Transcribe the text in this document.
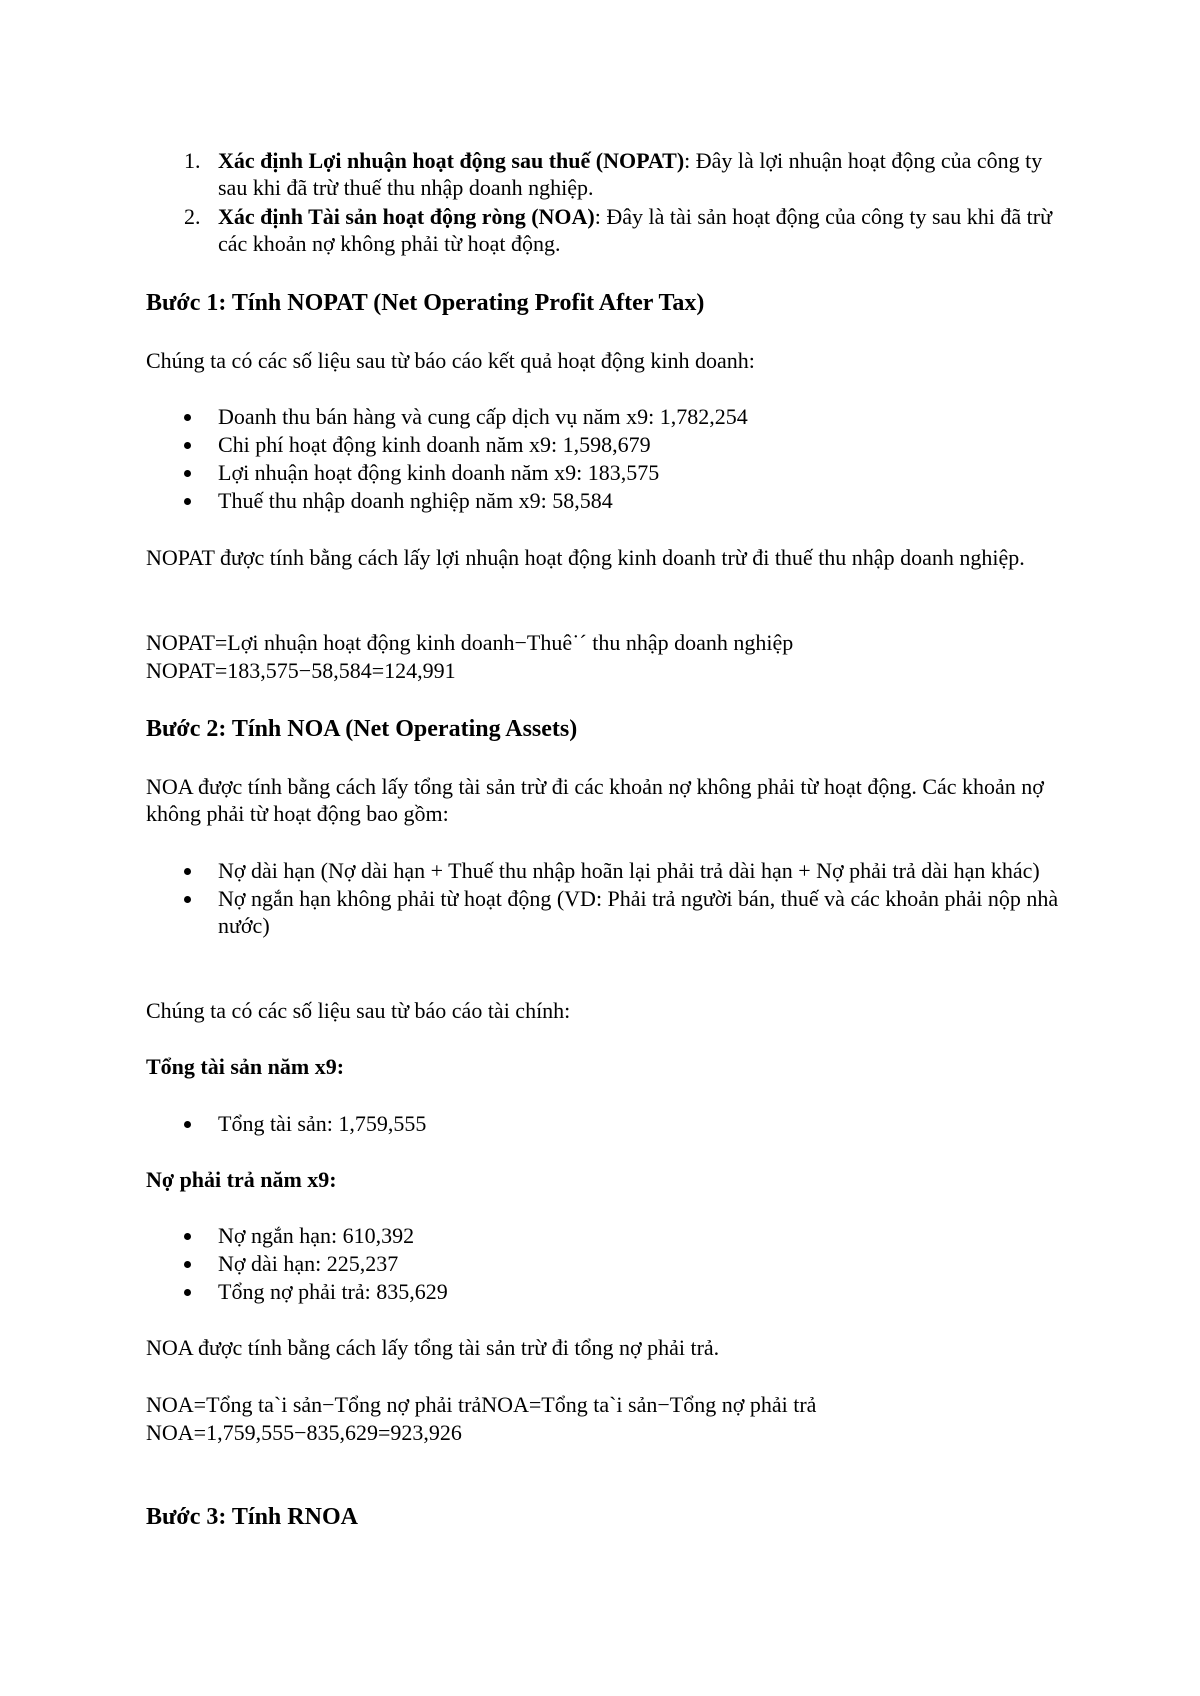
1. Xác định Lợi nhuận hoạt động sau thuế (NOPAT): Đây là lợi nhuận hoạt động của công ty sau khi đã trừ thuế thu nhập doanh nghiệp.
2. Xác định Tài sản hoạt động ròng (NOA): Đây là tài sản hoạt động của công ty sau khi đã trừ các khoản nợ không phải từ hoạt động.
Bước 1: Tính NOPAT (Net Operating Profit After Tax)

Chúng ta có các số liệu sau từ báo cáo kết quả hoạt động kinh doanh:

Doanh thu bán hàng và cung cấp dịch vụ năm x9: 1,782,254
Chi phí hoạt động kinh doanh năm x9: 1,598,679
Lợi nhuận hoạt động kinh doanh năm x9: 183,575
Thuế thu nhập doanh nghiệp năm x9: 58,584

NOPAT được tính bằng cách lấy lợi nhuận hoạt động kinh doanh trừ đi thuế thu nhập doanh nghiệp.

NOPAT=Lợi nhuận hoạt động kinh doanh−Thuê˙ˊ thu nhập doanh nghiệp

NOPAT=183,575−58,584=124,991

Bước 2: Tính NOA (Net Operating Assets)

NOA được tính bằng cách lấy tổng tài sản trừ đi các khoản nợ không phải từ hoạt động. Các khoản nợ không phải từ hoạt động bao gồm:

Nợ dài hạn (Nợ dài hạn + Thuế thu nhập hoãn lại phải trả dài hạn + Nợ phải trả dài hạn khác)
Nợ ngắn hạn không phải từ hoạt động (VD: Phải trả người bán, thuế và các khoản phải nộp nhà nước)

Chúng ta có các số liệu sau từ báo cáo tài chính:

Tổng tài sản năm x9:

Tổng tài sản: 1,759,555

Nợ phải trả năm x9:

Nợ ngắn hạn: 610,392
Nợ dài hạn: 225,237
Tổng nợ phải trả: 835,629

NOA được tính bằng cách lấy tổng tài sản trừ đi tổng nợ phải trả.

NOA=Tổng ta`i sản−Tổng nợ phải trảNOA=Tổng ta`i sản−Tổng nợ phải trả

NOA=1,759,555−835,629=923,926

Bước 3: Tính RNOA
